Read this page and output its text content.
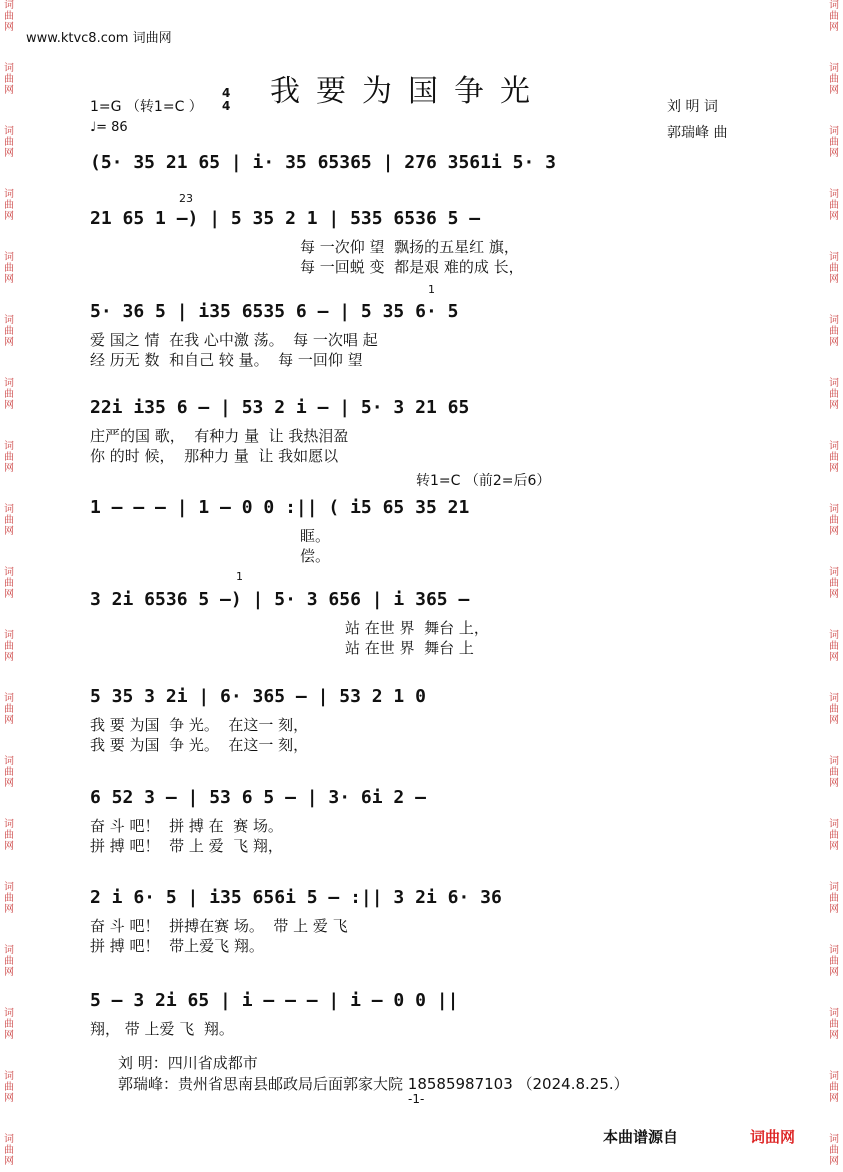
词
曲
网
词
曲
网
词
曲
网
词
曲
网
词
曲
网
词
曲
网
词
曲
网
词
曲
网
词
曲
网
词
曲
网
词
曲
网
词
曲
网
词
曲
网
词
曲
网
词
曲
网
词
曲
网
词
曲
网
词
曲
网
词
曲
网
词
曲
网
词
曲
网
词
曲
网
词
曲
网
词
曲
网
词
曲
网
词
曲
网
词
曲
网
词
曲
网
词
曲
网
词
曲
网
词
曲
网
词
曲
网
词
曲
网
词
曲
网
词
曲
网
词
曲
网
词
曲
网
词
曲
网
www.ktvc8.com 词曲网
我要为国争光
1=G （转1=C ）
4
4
♩= 86
刘 明 词
郭瑞峰 曲
(5· 35 21 65 | i· 35 65365 | 276 3561i 5· 3
21 65 1 –) | 5 35 2 1 | 535 6536 5 –
每 一次仰 望  飘扬的五星红 旗，
每 一回蜕 变  都是艰 难的成 长，
5· 36 5 | i35 6535 6 – | 5 35 6· 5
爱 国之 情  在我 心中激 荡。  每 一次唱 起
经 历无 数  和自己 较 量。  每 一回仰 望
22i i35 6 – | 53 2 i – | 5· 3 21 65
庄严的国 歌，  有种力 量  让 我热泪盈
你 的时 候，  那种力 量  让 我如愿以
1 – – – | 1 – 0 0 :|| ( i5 65 35 21
眶。
偿。
3 2i 6536 5 –) | 5· 3 656 | i 365 –
站 在世 界  舞台 上，
站 在世 界  舞台 上
5 35 3 2i | 6· 365 – | 53 2 1 0
我 要 为国  争 光。  在这一 刻，
我 要 为国  争 光。  在这一 刻，
6 52 3 – | 53 6 5 – | 3· 6i 2 –
奋 斗 吧！  拼 搏 在  赛 场。
拼 搏 吧！  带 上 爱  飞 翔，
2 i 6· 5 | i35 656i 5 – :|| 3 2i 6· 36
奋 斗 吧！  拼搏在赛 场。  带 上 爱 飞
拼 搏 吧！  带上爱飞 翔。
5 – 3 2i 65 | i – – – | i – 0 0 ||
翔， 带 上爱 飞  翔。
转1=C （前2=后6）
23
1
1
刘 明：四川省成都市
郭瑞峰：贵州省思南县邮政局后面郭家大院 18585987103 （2024.8.25.）
-1-
本曲谱源自	词曲网
